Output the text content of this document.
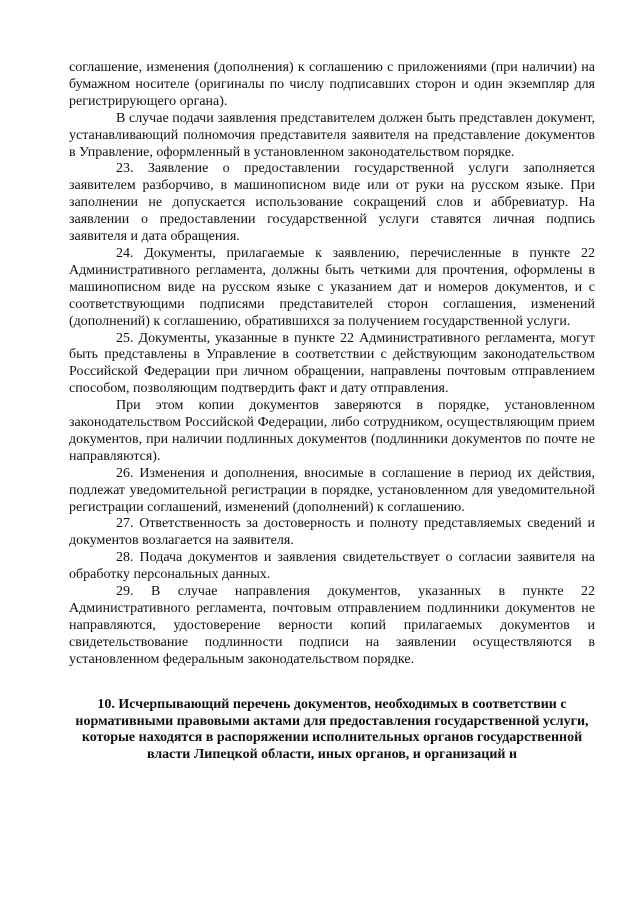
соглашение, изменения (дополнения) к соглашению с приложениями (при наличии) на бумажном носителе (оригиналы по числу подписавших сторон и один экземпляр для регистрирующего органа).

В случае подачи заявления представителем должен быть представлен документ, устанавливающий полномочия представителя заявителя на представление документов в Управление, оформленный в установленном законодательством порядке.

23. Заявление о предоставлении государственной услуги заполняется заявителем разборчиво, в машинописном виде или от руки на русском языке. При заполнении не допускается использование сокращений слов и аббревиатур. На заявлении о предоставлении государственной услуги ставятся личная подпись заявителя и дата обращения.

24. Документы, прилагаемые к заявлению, перечисленные в пункте 22 Административного регламента, должны быть четкими для прочтения, оформлены в машинописном виде на русском языке с указанием дат и номеров документов, и с соответствующими подписями представителей сторон соглашения, изменений (дополнений) к соглашению, обратившихся за получением государственной услуги.

25. Документы, указанные в пункте 22 Административного регламента, могут быть представлены в Управление в соответствии с действующим законодательством Российской Федерации при личном обращении, направлены почтовым отправлением способом, позволяющим подтвердить факт и дату отправления.

При этом копии документов заверяются в порядке, установленном законодательством Российской Федерации, либо сотрудником, осуществляющим прием документов, при наличии подлинных документов (подлинники документов по почте не направляются).

26. Изменения и дополнения, вносимые в соглашение в период их действия, подлежат уведомительной регистрации в порядке, установленном для уведомительной регистрации соглашений, изменений (дополнений) к соглашению.

27. Ответственность за достоверность и полноту представляемых сведений и документов возлагается на заявителя.

28. Подача документов и заявления свидетельствует о согласии заявителя на обработку персональных данных.

29. В случае направления документов, указанных в пункте 22 Административного регламента, почтовым отправлением подлинники документов не направляются, удостоверение верности копий прилагаемых документов и свидетельствование подлинности подписи на заявлении осуществляются в установленном федеральным законодательством порядке.

10. Исчерпывающий перечень документов, необходимых в соответствии с нормативными правовыми актами для предоставления государственной услуги, которые находятся в распоряжении исполнительных органов государственной власти Липецкой области, иных органов, и организаций и
